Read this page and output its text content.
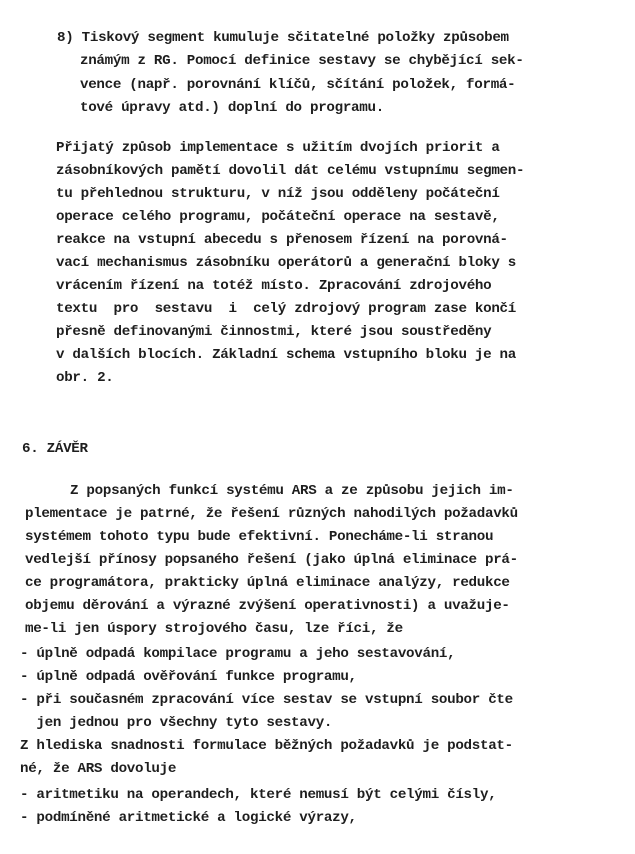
8) Tiskový segment kumuluje sčitatelné položky způsobem
známým z RG. Pomocí definice sestavy se chybějící sek-
vence (např. porovnání klíčů, sčítání položek, formá-
tové úpravy atd.) doplní do programu.
Přijatý způsob implementace s užitím dvojích priorit a
zásobníkových pamětí dovolil dát celému vstupnímu segmen-
tu přehlednou strukturu, v níž jsou odděleny počáteční
operace celého programu, počáteční operace na sestavě,
reakce na vstupní abecedu s přenosem řízení na porovná-
vací mechanismus zásobníku operátorů a generační bloky s
vrácením řízení na totéž místo. Zpracování zdrojového
textu  pro  sestavu  i  celý zdrojový program zase končí
přesně definovanými činnostmi, které jsou soustředěny
v dalších blocích. Základní schema vstupního bloku je na
obr. 2.
6. ZÁVĚR
Z popsaných funkcí systému ARS a ze způsobu jejich im-
plementace je patrné, že řešení různých nahodilých požadavků
systémem tohoto typu bude efektivní. Ponecháme-li stranou
vedlejší přínosy popsaného řešení (jako úplná eliminace prá-
ce programátora, prakticky úplná eliminace analýzy, redukce
objemu děrování a výrazné zvýšení operativnosti) a uvažuje-
me-li jen úspory strojového času, lze říci, že
- úplně odpadá kompilace programu a jeho sestavování,
- úplně odpadá ověřování funkce programu,
- při současném zpracování více sestav se vstupní soubor čte
jen jednou pro všechny tyto sestavy.
Z hlediska snadnosti formulace běžných požadavků je podstat-
né, že ARS dovoluje
- aritmetiku na operandech, které nemusí být celými čísly,
- podmíněné aritmetické a logické výrazy,
